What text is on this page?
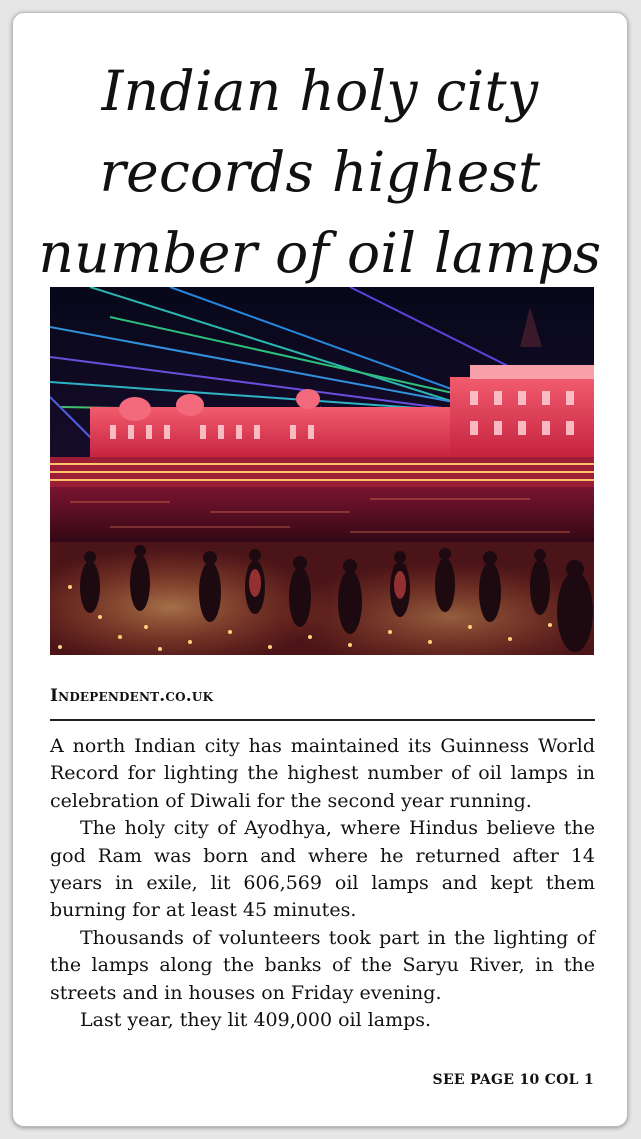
Indian holy city
records highest
number of oil lamps
Independent.co.uk

A north Indian city has maintained its Guinness World Record for lighting the highest number of oil lamps in celebration of Diwali for the second year running.

The holy city of Ayodhya, where Hindus believe the god Ram was born and where he returned after 14 years in exile, lit 606,569 oil lamps and kept them burning for at least 45 minutes.

Thousands of volunteers took part in the lighting of the lamps along the banks of the Saryu River, in the streets and in houses on Friday evening.

Last year, they lit 409,000 oil lamps.

SEE PAGE 10 COL 1
